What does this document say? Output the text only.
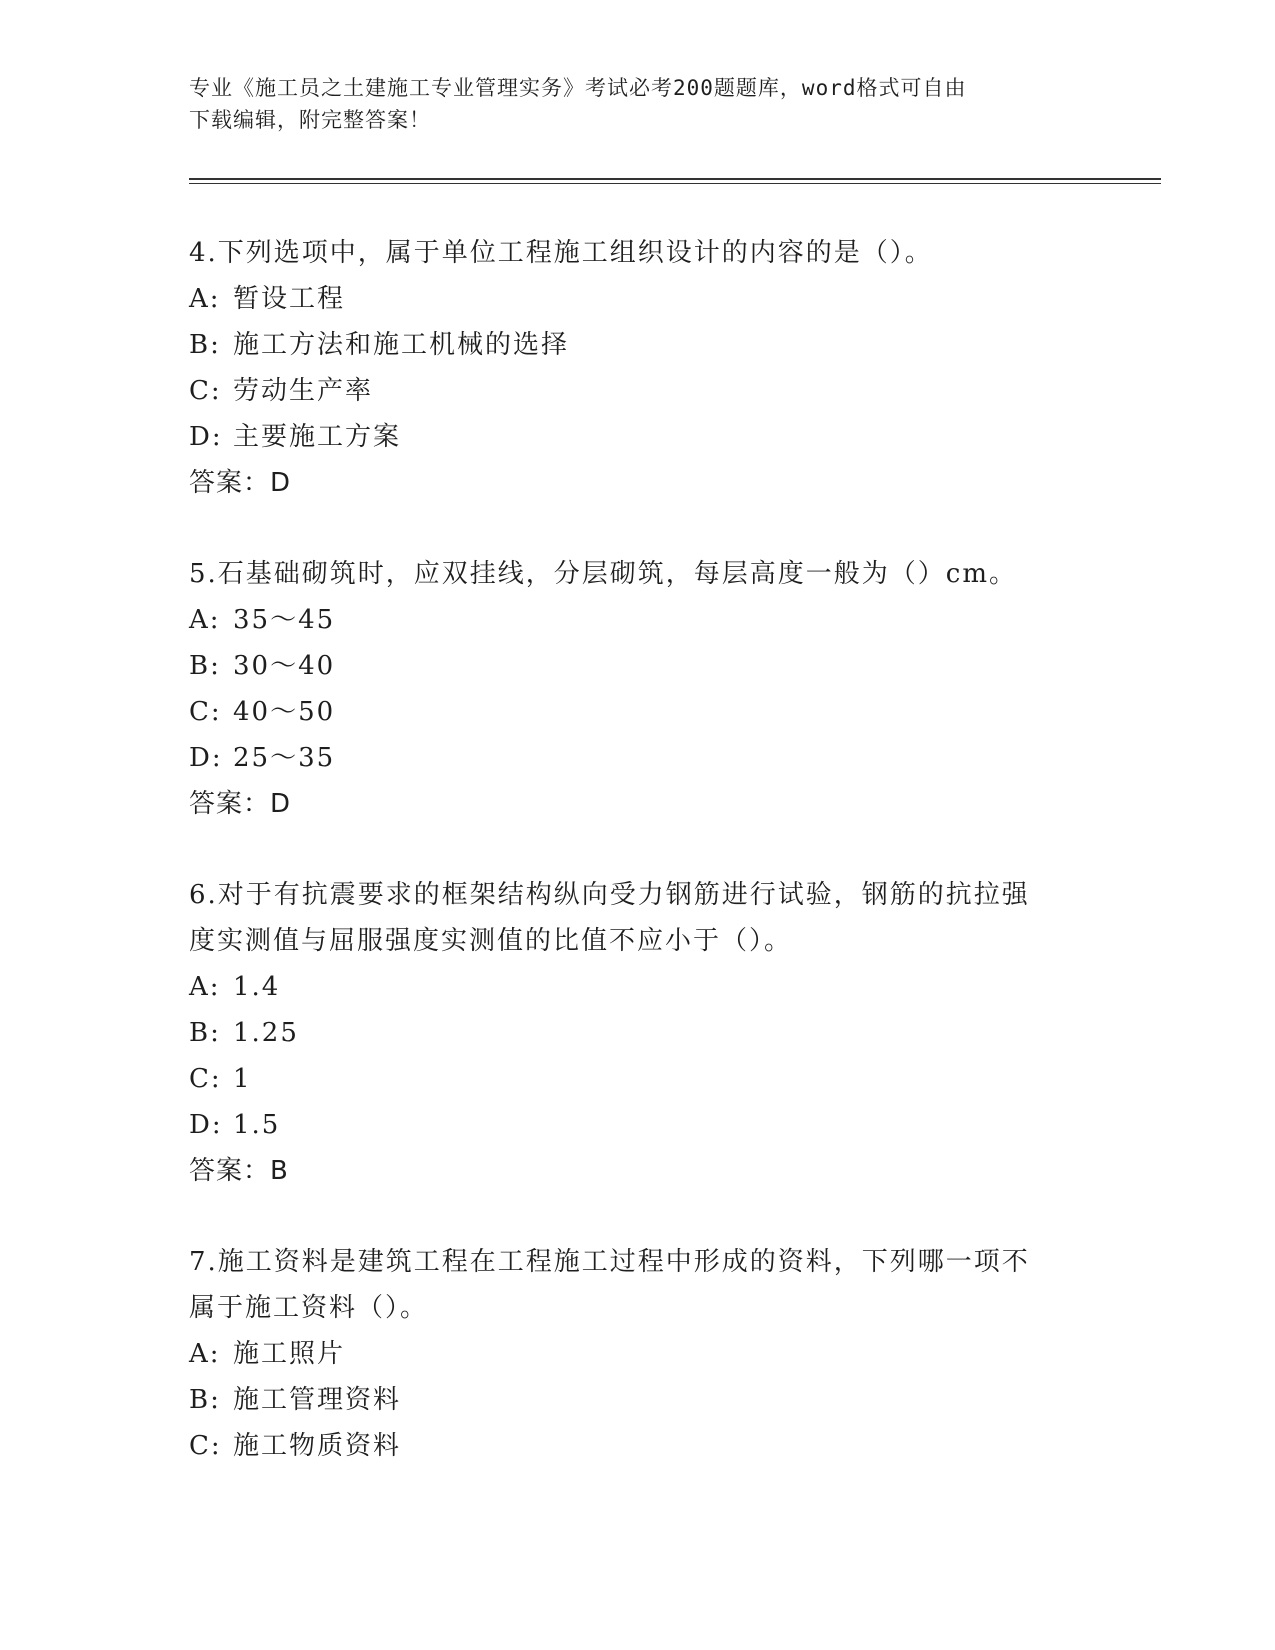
专业《施工员之土建施工专业管理实务》考试必考200题题库，word格式可自由
下载编辑，附完整答案！
4.下列选项中，属于单位工程施工组织设计的内容的是（）。
A: 暂设工程
B: 施工方法和施工机械的选择
C: 劳动生产率
D: 主要施工方案
答案：D
5.石基础砌筑时，应双挂线，分层砌筑，每层高度一般为（）cm。
A: 35～45
B: 30～40
C: 40～50
D: 25～35
答案：D
6.对于有抗震要求的框架结构纵向受力钢筋进行试验，钢筋的抗拉强
度实测值与屈服强度实测值的比值不应小于（）。
A: 1.4
B: 1.25
C: 1
D: 1.5
答案：B
7.施工资料是建筑工程在工程施工过程中形成的资料，下列哪一项不
属于施工资料（）。
A: 施工照片
B: 施工管理资料
C: 施工物质资料
